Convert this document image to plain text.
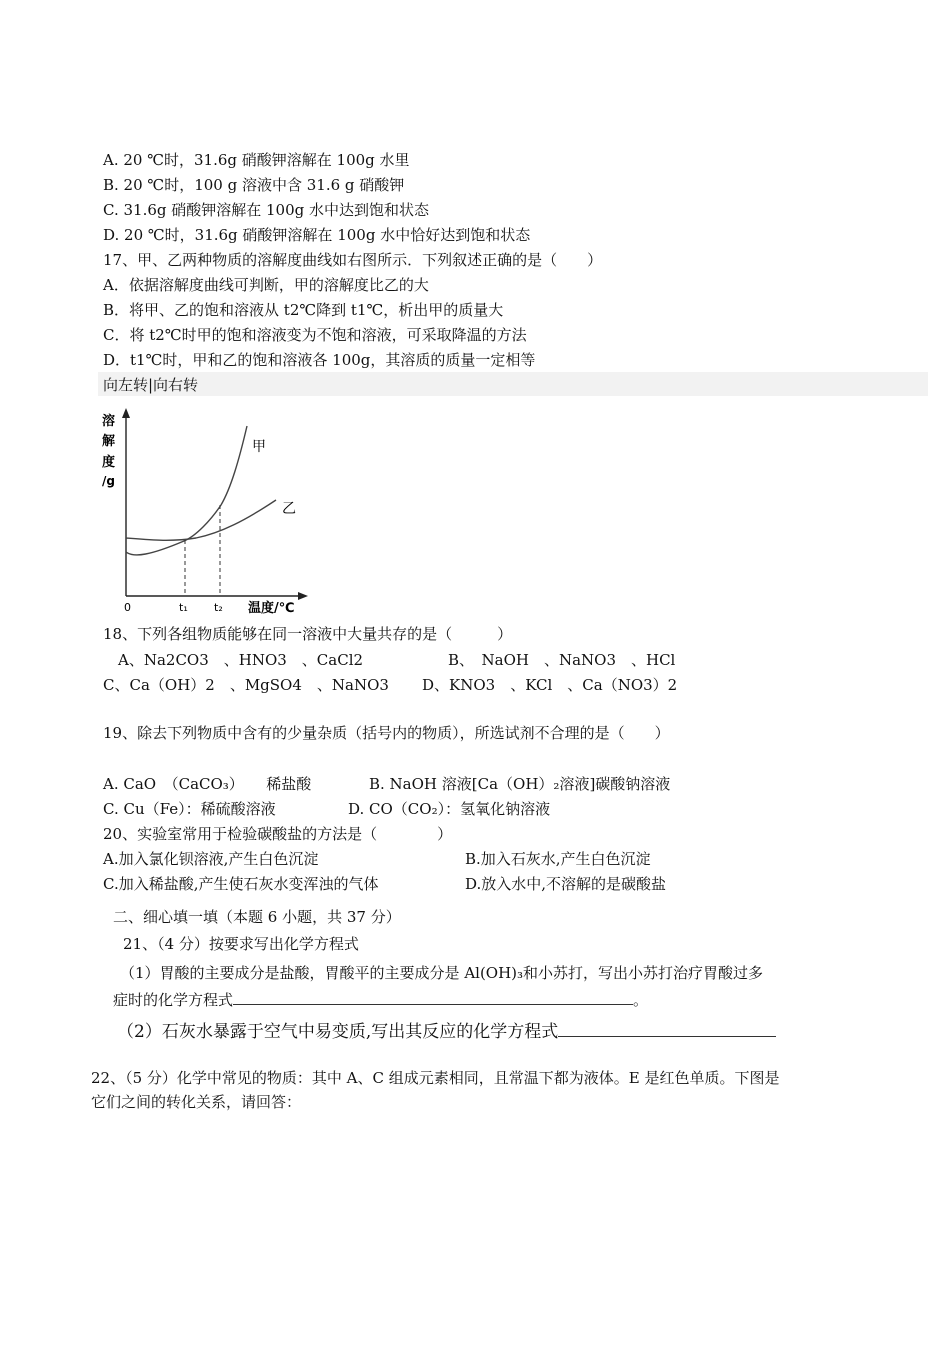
A. 20 ℃时，31.6g 硝酸钾溶解在 100g 水里
B. 20 ℃时，100 g 溶液中含 31.6 g 硝酸钾
C. 31.6g 硝酸钾溶解在 100g 水中达到饱和状态
D. 20 ℃时，31.6g 硝酸钾溶解在 100g 水中恰好达到饱和状态
17、甲、乙两种物质的溶解度曲线如右图所示．下列叙述正确的是（　　）
A．依据溶解度曲线可判断，甲的溶解度比乙的大
B．将甲、乙的饱和溶液从 t2℃降到 t1℃，析出甲的质量大
C．将 t2℃时甲的饱和溶液变为不饱和溶液，可采取降温的方法
D．t1℃时，甲和乙的饱和溶液各 100g，其溶质的质量一定相等
向左转|向右转
溶
解
度
/g
甲
乙
0	t₁ t₂ 温度/℃
18、下列各组物质能够在同一溶液中大量共存的是（　　　）
A、Na2CO3　、HNO3　、CaCl2	B、　NaOH　、NaNO3　、HCl
C、Ca（OH）2　、MgSO4　、NaNO3 D、KNO3　、KCl　、Ca（NO3）2
19、除去下列物质中含有的少量杂质（括号内的物质），所选试剂不合理的是（　　）
A. CaO　（CaCO₃）　　稀盐酸	B. NaOH 溶液[Ca（OH）₂溶液]碳酸钠溶液
C. Cu（Fe）：稀硫酸溶液	D. CO（CO₂）：氢氧化钠溶液
20、实验室常用于检验碳酸盐的方法是（　　　　）
A.加入氯化钡溶液,产生白色沉淀	B.加入石灰水,产生白色沉淀
C.加入稀盐酸,产生使石灰水变浑浊的气体	D.放入水中,不溶解的是碳酸盐
二、细心填一填（本题 6 小题，共 37 分）
21、（4 分）按要求写出化学方程式
（1）胃酸的主要成分是盐酸，胃酸平的主要成分是 Al(OH)₃和小苏打，写出小苏打治疗胃酸过多
症时的化学方程式	。
（2）石灰水暴露于空气中易变质,写出其反应的化学方程式
22、（5 分）化学中常见的物质：其中 A、C 组成元素相同，且常温下都为液体。E 是红色单质。下图是
它们之间的转化关系，请回答：
